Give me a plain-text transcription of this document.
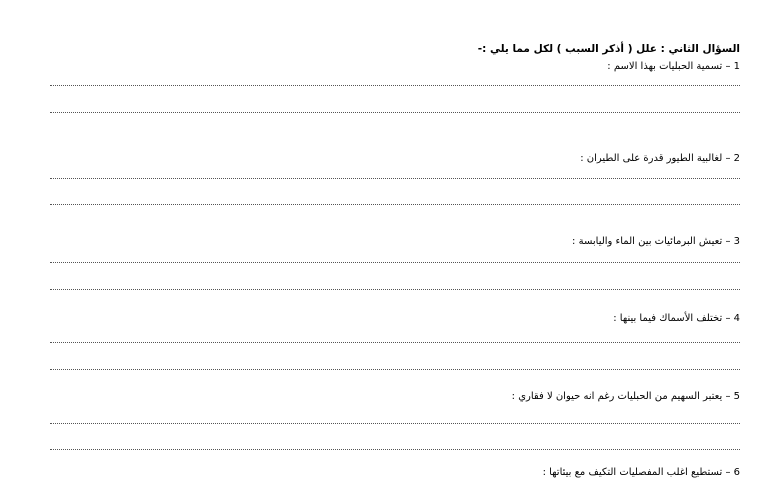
السؤال الثاني : علل ( أذكر السبب ) لكل مما يلي :-
1 – تسمية الحبليات بهذا الاسم :
2 – لغالبية الطيور قدرة على الطيران :
3 – تعيش البرمائيات بين الماء واليابسة :
4 – تختلف الأسماك فيما بينها :
5 – يعتبر السهيم من الحبليات رغم انه حيوان لا فقاري :
6 – تستطيع اغلب المفصليات التكيف مع بيئاتها :
